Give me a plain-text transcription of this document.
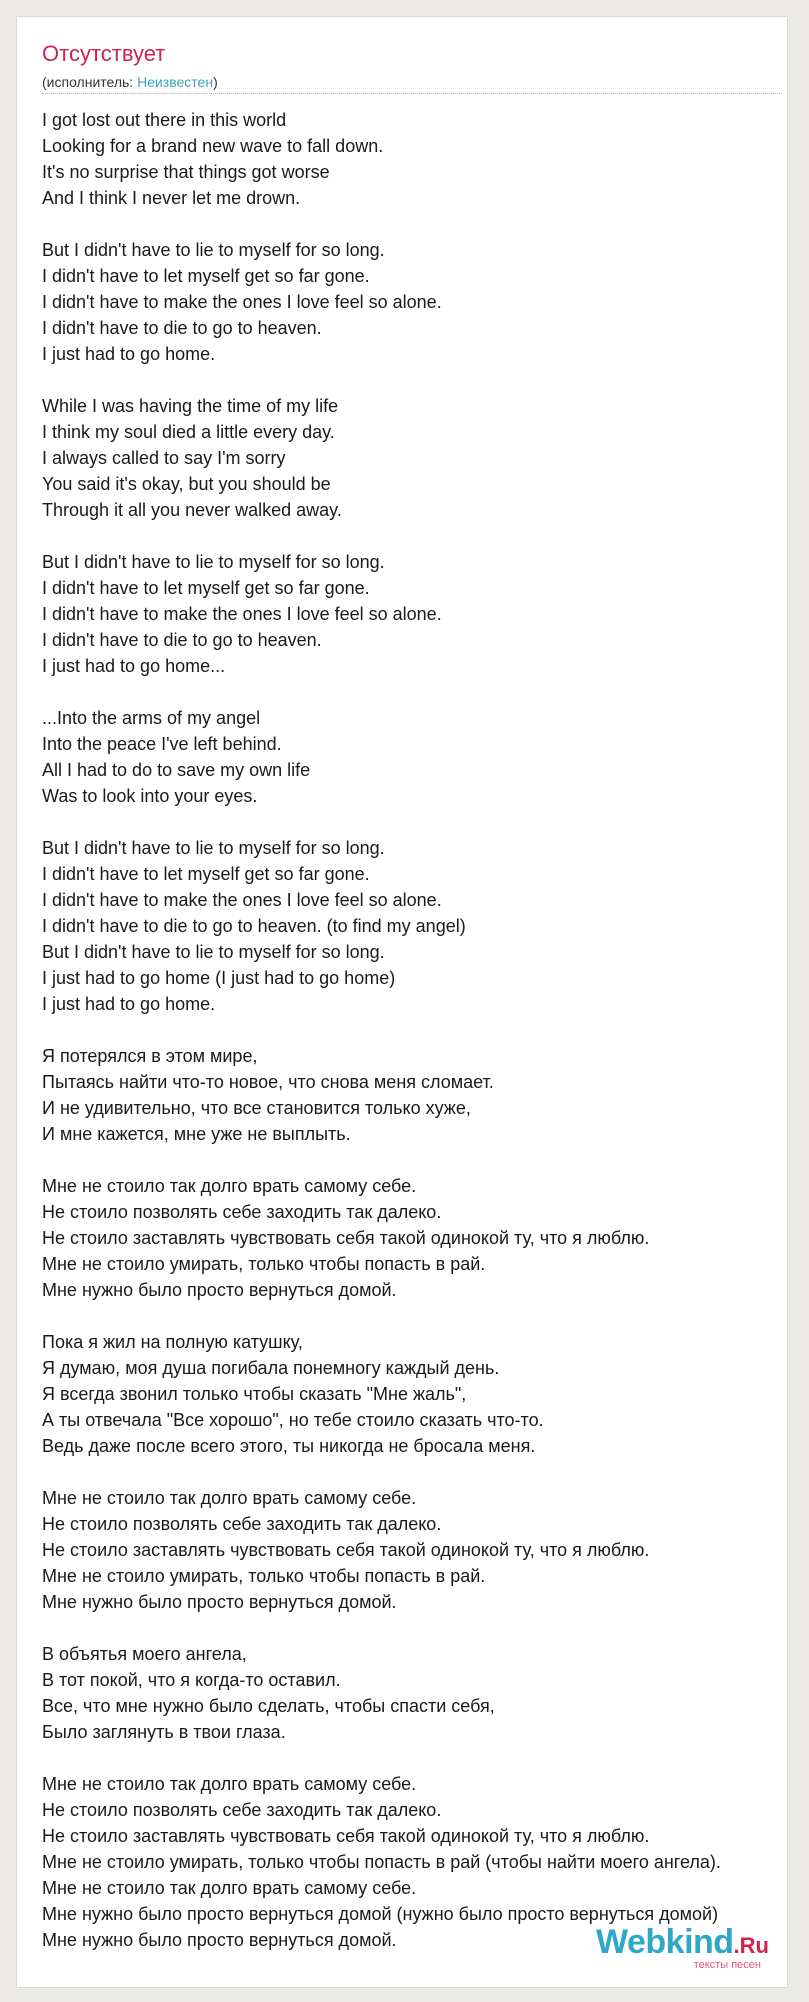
Отсутствует
(исполнитель: Неизвестен)
I got lost out there in this world
Looking for a brand new wave to fall down.
It's no surprise that things got worse
And I think I never let me drown.
But I didn't have to lie to myself for so long.
I didn't have to let myself get so far gone.
I didn't have to make the ones I love feel so alone.
I didn't have to die to go to heaven.
I just had to go home.
While I was having the time of my life
I think my soul died a little every day.
I always called to say I'm sorry
You said it's okay, but you should be
Through it all you never walked away.
But I didn't have to lie to myself for so long.
I didn't have to let myself get so far gone.
I didn't have to make the ones I love feel so alone.
I didn't have to die to go to heaven.
I just had to go home...
...Into the arms of my angel
Into the peace I've left behind.
All I had to do to save my own life
Was to look into your eyes.
But I didn't have to lie to myself for so long.
I didn't have to let myself get so far gone.
I didn't have to make the ones I love feel so alone.
I didn't have to die to go to heaven. (to find my angel)
But I didn't have to lie to myself for so long.
I just had to go home (I just had to go home)
I just had to go home.
Я потерялся в этом мире,
Пытаясь найти что-то новое, что снова меня сломает.
И не удивительно, что все становится только хуже,
И мне кажется, мне уже не выплыть.
Мне не стоило так долго врать самому себе.
Не стоило позволять себе заходить так далеко.
Не стоило заставлять чувствовать себя такой одинокой ту, что я люблю.
Мне не стоило умирать, только чтобы попасть в рай.
Мне нужно было просто вернуться домой.
Пока я жил на полную катушку,
Я думаю, моя душа погибала понемногу каждый день.
Я всегда звонил только чтобы сказать "Мне жаль",
А ты отвечала "Все хорошо", но тебе стоило сказать что-то.
Ведь даже после всего этого, ты никогда не бросала меня.
Мне не стоило так долго врать самому себе.
Не стоило позволять себе заходить так далеко.
Не стоило заставлять чувствовать себя такой одинокой ту, что я люблю.
Мне не стоило умирать, только чтобы попасть в рай.
Мне нужно было просто вернуться домой.
В объятья моего ангела,
В тот покой, что я когда-то оставил.
Все, что мне нужно было сделать, чтобы спасти себя,
Было заглянуть в твои глаза.
Мне не стоило так долго врать самому себе.
Не стоило позволять себе заходить так далеко.
Не стоило заставлять чувствовать себя такой одинокой ту, что я люблю.
Мне не стоило умирать, только чтобы попасть в рай (чтобы найти моего ангела).
Мне не стоило так долго врать самому себе.
Мне нужно было просто вернуться домой (нужно было просто вернуться домой)
Мне нужно было просто вернуться домой.	Webkind.Ru
тексты песен
